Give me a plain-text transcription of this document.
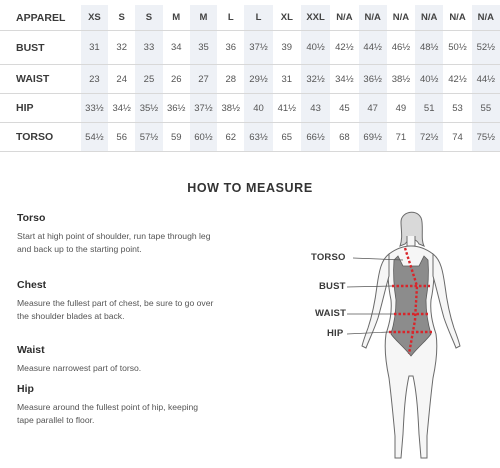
APPAREL	XS	S	S	M	M	L	L	XL	XXL	N/A	N/A	N/A	N/A	N/A	N/A
BUST	31	32	33	34	35	36	37½	39	40½	42½	44½	46½	48½	50½	52½
WAIST	23	24	25	26	27	28	29½	31	32½	34½	36½	38½	40½	42½	44½
HIP	33½	34½	35½	36½	37½	38½	40	41½	43	45	47	49	51	53	55
TORSO	54½	56	57½	59	60½	62	63½	65	66½	68	69½	71	72½	74	75½
HOW TO MEASURE
Torso

Start at high point of shoulder, run tape through leg and back up to the starting point.

Chest

Measure the fullest part of chest, be sure to go over the shoulder blades at back.

Waist

Measure narrowest part of torso.

Hip

Measure around the fullest point of hip, keeping tape parallel to floor.

TORSO
BUST
WAIST
HIP
